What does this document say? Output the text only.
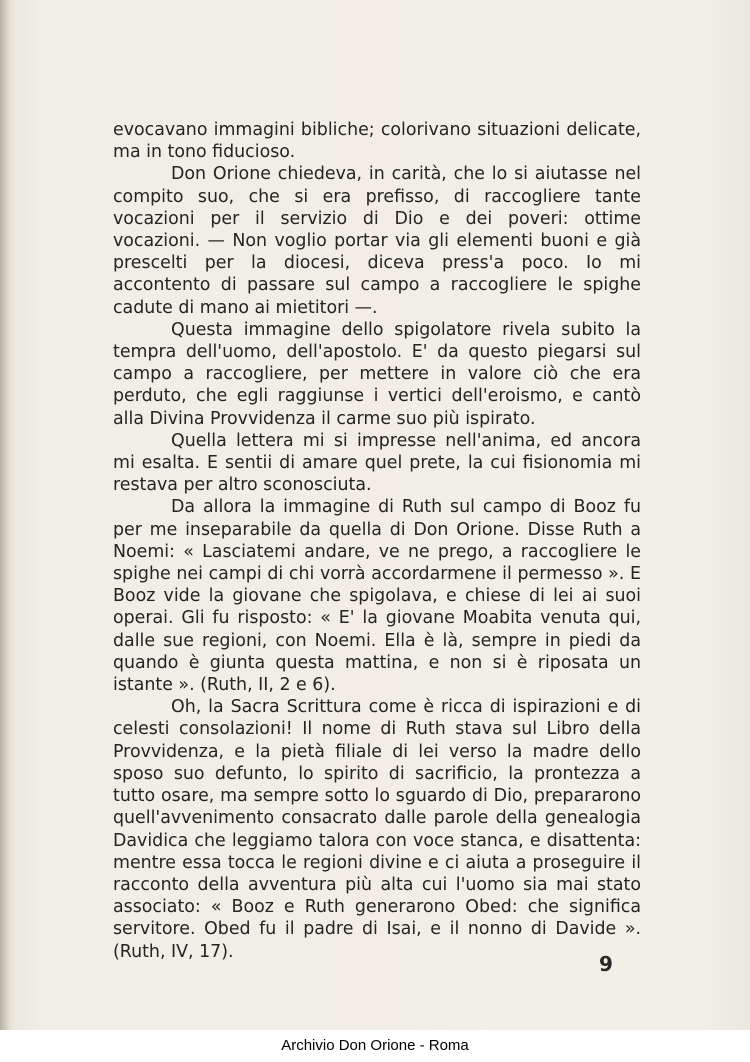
evocavano immagini bibliche; colorivano situazioni delicate, ma in tono fiducioso.

Don Orione chiedeva, in carità, che lo si aiutasse nel compito suo, che si era prefisso, di raccogliere tante vocazioni per il servizio di Dio e dei poveri: ottime vocazioni. — Non voglio portar via gli elementi buoni e già prescelti per la diocesi, diceva press'a poco. Io mi accontento di passare sul campo a raccogliere le spighe cadute di mano ai mietitori —.

Questa immagine dello spigolatore rivela subito la tempra dell'uomo, dell'apostolo. E' da questo piegarsi sul campo a raccogliere, per mettere in valore ciò che era perduto, che egli raggiunse i vertici dell'eroismo, e cantò alla Divina Provvidenza il carme suo più ispirato.

Quella lettera mi si impresse nell'anima, ed ancora mi esalta. E sentii di amare quel prete, la cui fisionomia mi restava per altro sconosciuta.

Da allora la immagine di Ruth sul campo di Booz fu per me inseparabile da quella di Don Orione. Disse Ruth a Noemi: « Lasciatemi andare, ve ne prego, a raccogliere le spighe nei campi di chi vorrà accordarmene il permesso ». E Booz vide la giovane che spigolava, e chiese di lei ai suoi operai. Gli fu risposto: « E' la giovane Moabita venuta qui, dalle sue regioni, con Noemi. Ella è là, sempre in piedi da quando è giunta questa mattina, e non si è riposata un istante ». (Ruth, II, 2 e 6).

Oh, la Sacra Scrittura come è ricca di ispirazioni e di celesti consolazioni! Il nome di Ruth stava sul Libro della Provvidenza, e la pietà filiale di lei verso la madre dello sposo suo defunto, lo spirito di sacrificio, la prontezza a tutto osare, ma sempre sotto lo sguardo di Dio, prepararono quell'avvenimento consacrato dalle parole della genealogia Davidica che leggiamo talora con voce stanca, e disattenta: mentre essa tocca le regioni divine e ci aiuta a proseguire il racconto della avventura più alta cui l'uomo sia mai stato associato: « Booz e Ruth generarono Obed: che significa servitore. Obed fu il padre di Isai, e il nonno di Davide ». (Ruth, IV, 17).

9
Archivio Don Orione - Roma
